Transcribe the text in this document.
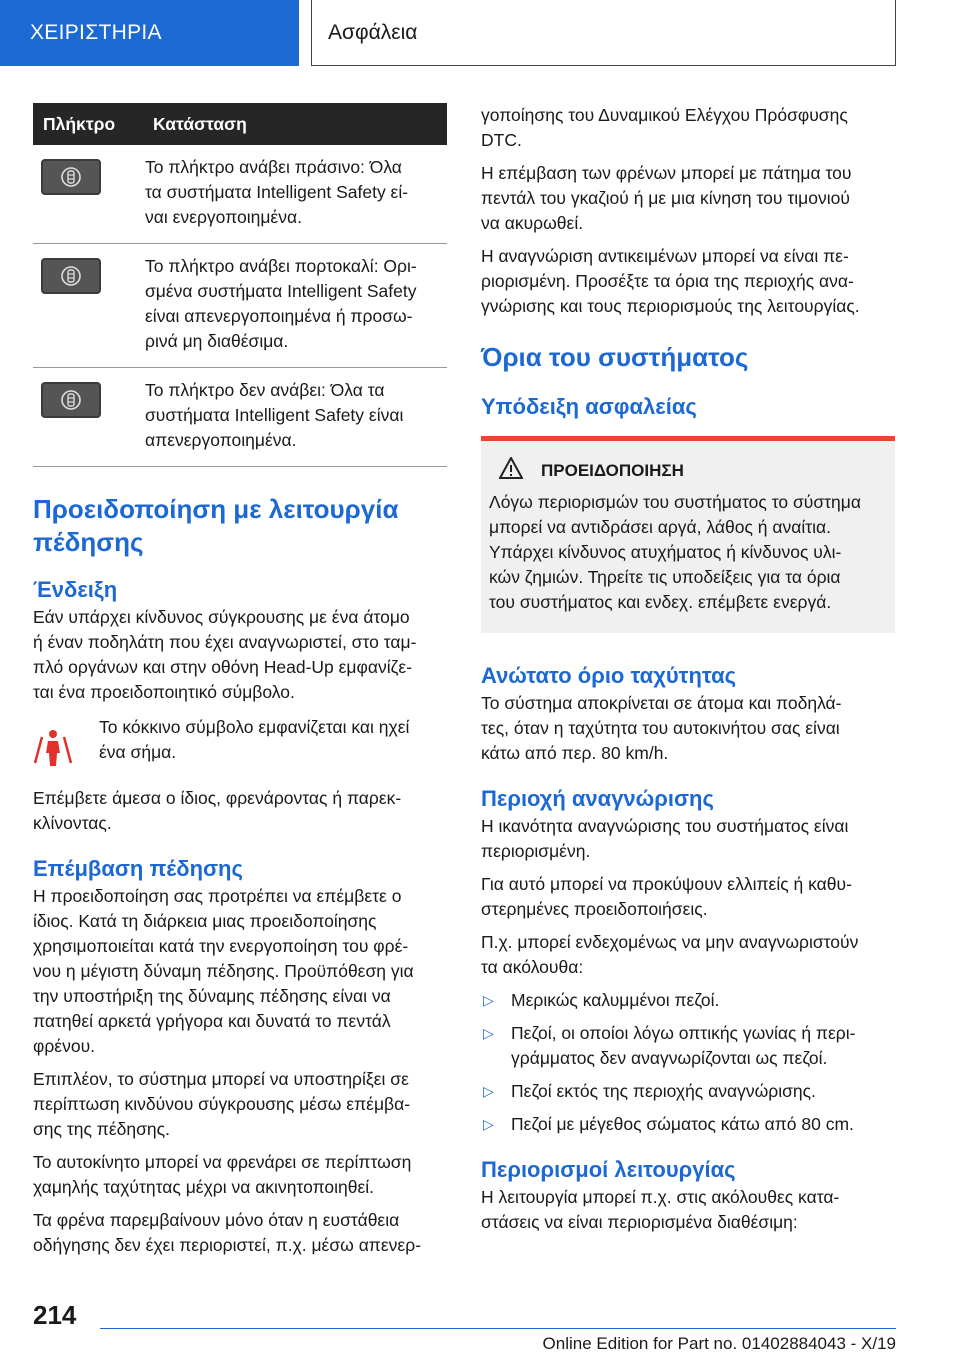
ΧΕΙΡΙΣΤΗΡΙΑ	Ασφάλεια
Πλήκτρο	Κατάσταση

Το πλήκτρο ανάβει πράσινο: Όλα
τα συστήματα Intelligent Safety εί-
ναι ενεργοποιημένα.

Το πλήκτρο ανάβει πορτοκαλί: Ορι-
σμένα συστήματα Intelligent Safety
είναι απενεργοποιημένα ή προσω-
ρινά μη διαθέσιμα.

Το πλήκτρο δεν ανάβει: Όλα τα
συστήματα Intelligent Safety είναι
απενεργοποιημένα.
Προειδοποίηση με λειτουργία
πέδησης
Ένδειξη

Εάν υπάρχει κίνδυνος σύγκρουσης με ένα άτομο
ή έναν ποδηλάτη που έχει αναγνωριστεί, στο ταμ-
πλό οργάνων και στην οθόνη Head-Up εμφανίζε-
ται ένα προειδοποιητικό σύμβολο.

Το κόκκινο σύμβολο εμφανίζεται και ηχεί
ένα σήμα.

Επέμβετε άμεσα ο ίδιος, φρενάροντας ή παρεκ-
κλίνοντας.

Επέμβαση πέδησης

Η προειδοποίηση σας προτρέπει να επέμβετε ο
ίδιος. Κατά τη διάρκεια μιας προειδοποίησης
χρησιμοποιείται κατά την ενεργοποίηση του φρέ-
νου η μέγιστη δύναμη πέδησης. Προϋπόθεση για
την υποστήριξη της δύναμης πέδησης είναι να
πατηθεί αρκετά γρήγορα και δυνατά το πεντάλ
φρένου.

Επιπλέον, το σύστημα μπορεί να υποστηρίξει σε
περίπτωση κινδύνου σύγκρουσης μέσω επέμβα-
σης της πέδησης.

Το αυτοκίνητο μπορεί να φρενάρει σε περίπτωση
χαμηλής ταχύτητας μέχρι να ακινητοποιηθεί.

Τα φρένα παρεμβαίνουν μόνο όταν η ευστάθεια
οδήγησης δεν έχει περιοριστεί, π.χ. μέσω απενερ-

γοποίησης του Δυναμικού Ελέγχου Πρόσφυσης
DTC.

Η επέμβαση των φρένων μπορεί με πάτημα του
πεντάλ του γκαζιού ή με μια κίνηση του τιμονιού
να ακυρωθεί.

Η αναγνώριση αντικειμένων μπορεί να είναι πε-
ριορισμένη. Προσέξτε τα όρια της περιοχής ανα-
γνώρισης και τους περιορισμούς της λειτουργίας.

Όρια του συστήματος
Υπόδειξη ασφαλείας
ΠΡΟΕΙΔΟΠΟΙΗΣΗ

Λόγω περιορισμών του συστήματος το σύστημα
μπορεί να αντιδράσει αργά, λάθος ή αναίτια.
Υπάρχει κίνδυνος ατυχήματος ή κίνδυνος υλι-
κών ζημιών. Τηρείτε τις υποδείξεις για τα όρια
του συστήματος και ενδεχ. επέμβετε ενεργά.

Ανώτατο όριο ταχύτητας

Το σύστημα αποκρίνεται σε άτομα και ποδηλά-
τες, όταν η ταχύτητα του αυτοκινήτου σας είναι
κάτω από περ. 80 km/h.

Περιοχή αναγνώρισης

Η ικανότητα αναγνώρισης του συστήματος είναι
περιορισμένη.

Για αυτό μπορεί να προκύψουν ελλιπείς ή καθυ-
στερημένες προειδοποιήσεις.

Π.χ. μπορεί ενδεχομένως να μην αναγνωριστούν
τα ακόλουθα:

▷ Μερικώς καλυμμένοι πεζοί.
▷ Πεζοί, οι οποίοι λόγω οπτικής γωνίας ή περι-
γράμματος δεν αναγνωρίζονται ως πεζοί.
▷ Πεζοί εκτός της περιοχής αναγνώρισης.
▷ Πεζοί με μέγεθος σώματος κάτω από 80 cm.
Περιορισμοί λειτουργίας

Η λειτουργία μπορεί π.χ. στις ακόλουθες κατα-
στάσεις να είναι περιορισμένα διαθέσιμη:

214
Online Edition for Part no. 01402884043 - X/19
